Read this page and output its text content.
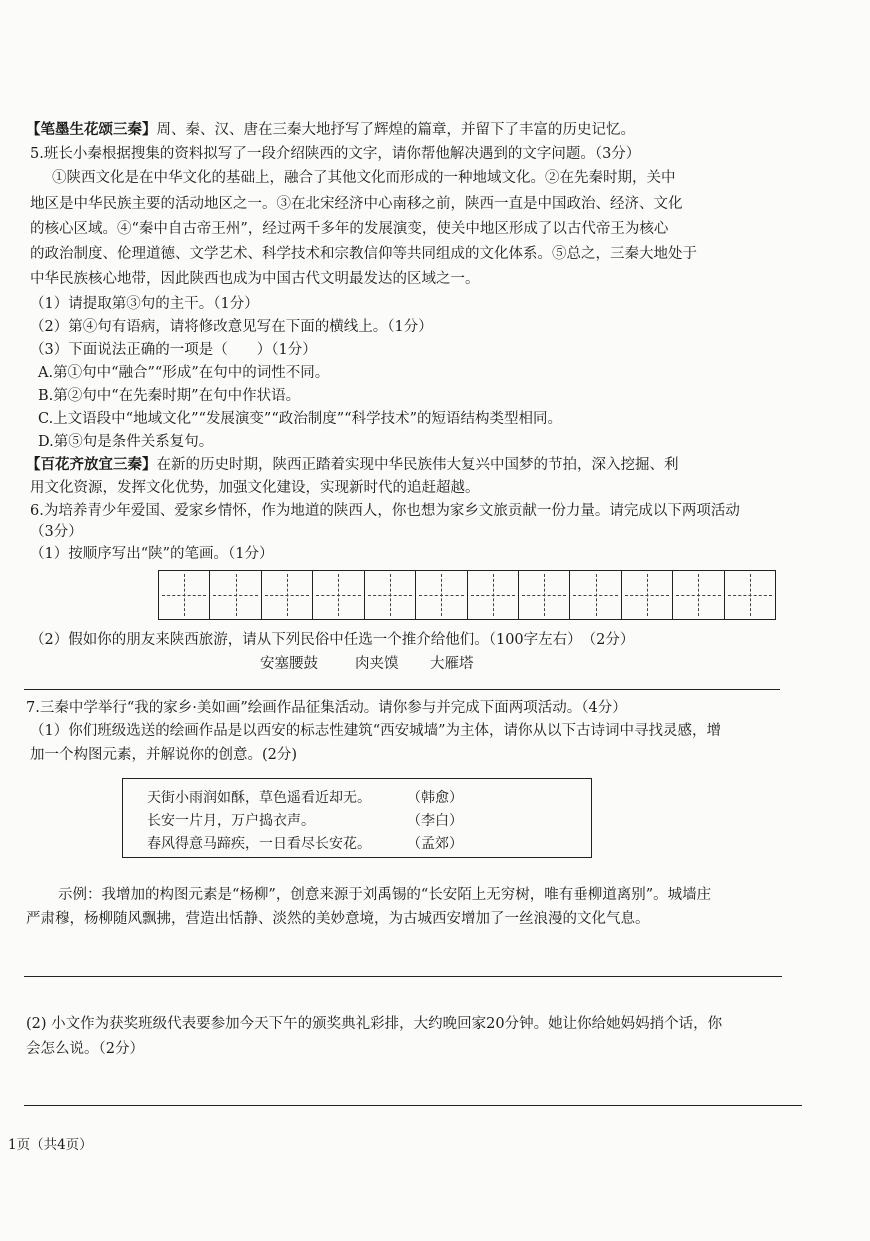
【笔墨生花颂三秦】周、秦、汉、唐在三秦大地抒写了辉煌的篇章，并留下了丰富的历史记忆。
5.班长小秦根据搜集的资料拟写了一段介绍陕西的文字，请你帮他解决遇到的文字问题。（3分）
①陕西文化是在中华文化的基础上，融合了其他文化而形成的一种地域文化。②在先秦时期，关中
地区是中华民族主要的活动地区之一。③在北宋经济中心南移之前，陕西一直是中国政治、经济、文化
的核心区域。④“秦中自古帝王州”，经过两千多年的发展演变，使关中地区形成了以古代帝王为核心
的政治制度、伦理道德、文学艺术、科学技术和宗教信仰等共同组成的文化体系。⑤总之，三秦大地处于
中华民族核心地带，因此陕西也成为中国古代文明最发达的区域之一。
（1）请提取第③句的主干。（1分）
（2）第④句有语病，请将修改意见写在下面的横线上。（1分）
（3）下面说法正确的一项是（　　）（1分）
A.第①句中“融合”“形成”在句中的词性不同。
B.第②句中“在先秦时期”在句中作状语。
C.上文语段中“地域文化”“发展演变”“政治制度”“科学技术”的短语结构类型相同。
D.第⑤句是条件关系复句。
【百花齐放宜三秦】在新的历史时期，陕西正踏着实现中华民族伟大复兴中国梦的节拍，深入挖掘、利
用文化资源，发挥文化优势，加强文化建设，实现新时代的追赶超越。
6.为培养青少年爱国、爱家乡情怀，作为地道的陕西人，你也想为家乡文旅贡献一份力量。请完成以下两项活动
（3分）
（1）按顺序写出“陕”的笔画。（1分）
（2）假如你的朋友来陕西旅游，请从下列民俗中任选一个推介给他们。（100字左右）　（2分）
安塞腰鼓	肉夹馍 大雁塔
7.三秦中学举行“我的家乡·美如画”绘画作品征集活动。请你参与并完成下面两项活动。（4分）
（1）你们班级选送的绘画作品是以西安的标志性建筑“西安城墙”为主体，请你从以下古诗词中寻找灵感，增
加一个构图元素，并解说你的创意。(2分)
天街小雨润如酥，草色遥看近却无。	（韩愈）
长安一片月，万户捣衣声。	（李白）
春风得意马蹄疾，一日看尽长安花。	（孟郊）
示例：我增加的构图元素是“杨柳”，创意来源于刘禹锡的“长安陌上无穷树，唯有垂柳道离别”。城墙庄
严肃穆，杨柳随风飘拂，营造出恬静、淡然的美妙意境，为古城西安增加了一丝浪漫的文化气息。
(2) 小文作为获奖班级代表要参加今天下午的颁奖典礼彩排，大约晚回家20分钟。她让你给她妈妈捎个话，你
会怎么说。（2分）
1页（共4页）
